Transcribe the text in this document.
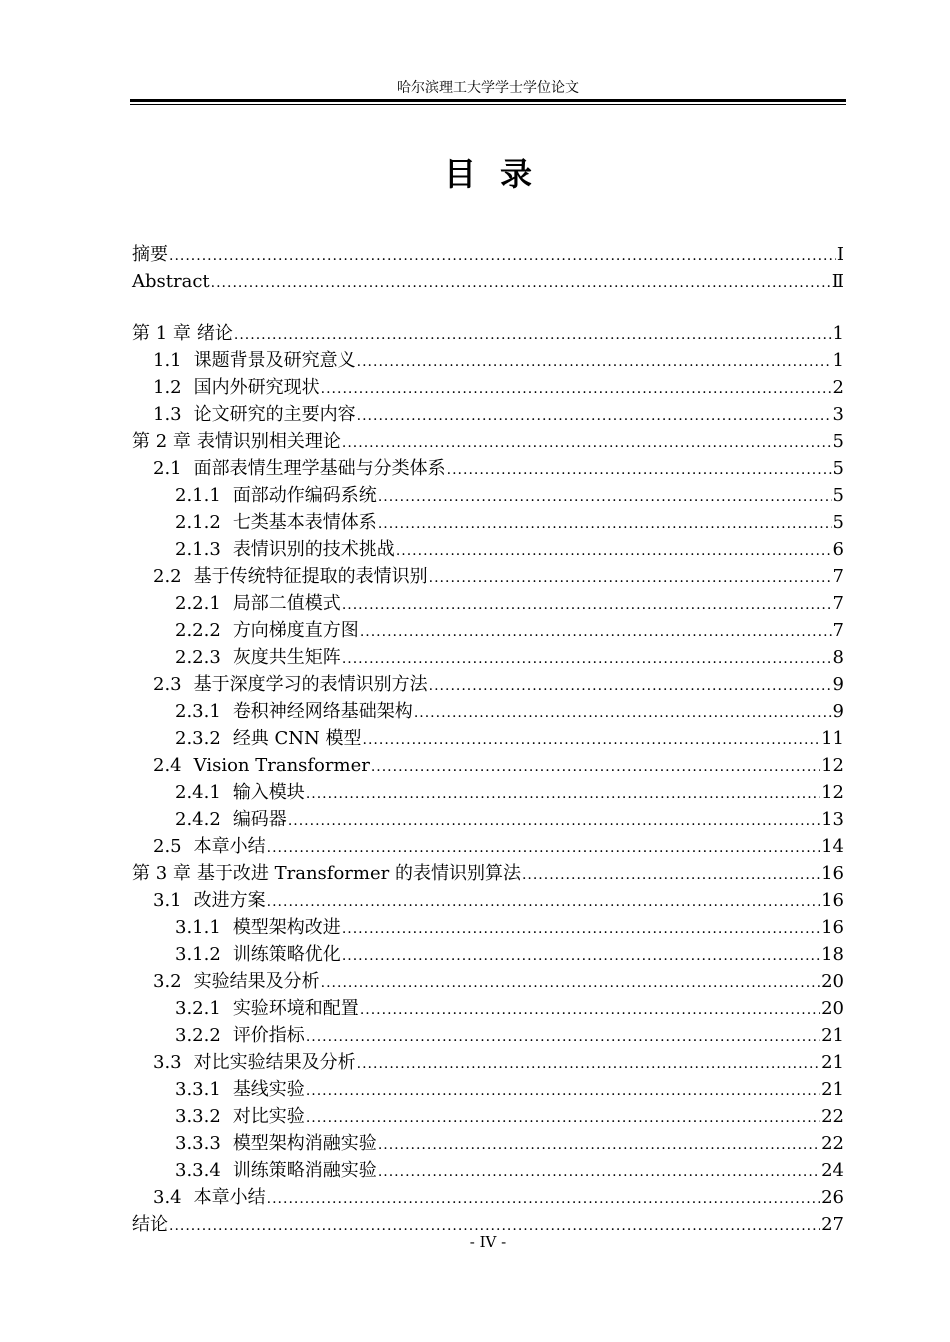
哈尔滨理工大学学士学位论文
目录
摘要 .....	I
Abstract .....	Ⅱ
第 1 章 绪论 .....	1
1.1 课题背景及研究意义 .....	1
1.2 国内外研究现状 .....	2
1.3 论文研究的主要内容 .....	3
第 2 章 表情识别相关理论 .....	5
2.1 面部表情生理学基础与分类体系 .....	5
2.1.1 面部动作编码系统 .....	5
2.1.2 七类基本表情体系 .....	5
2.1.3 表情识别的技术挑战 .....	6
2.2 基于传统特征提取的表情识别 .....	7
2.2.1 局部二值模式 .....	7
2.2.2 方向梯度直方图 .....	7
2.2.3 灰度共生矩阵 .....	8
2.3 基于深度学习的表情识别方法 .....	9
2.3.1 卷积神经网络基础架构 .....	9
2.3.2 经典 CNN 模型 .....	11
2.4 Vision Transformer .....	12
2.4.1 输入模块 .....	12
2.4.2 编码器 .....	13
2.5 本章小结 .....	14
第 3 章 基于改进 Transformer 的表情识别算法 .....	16
3.1 改进方案 .....	16
3.1.1 模型架构改进 .....	16
3.1.2 训练策略优化 .....	18
3.2 实验结果及分析 .....	20
3.2.1 实验环境和配置 .....	20
3.2.2 评价指标 .....	21
3.3 对比实验结果及分析 .....	21
3.3.1 基线实验 .....	21
3.3.2 对比实验 .....	22
3.3.3 模型架构消融实验 .....	22
3.3.4 训练策略消融实验 .....	24
3.4 本章小结 .....	26
结论 .....	27
- IV -
